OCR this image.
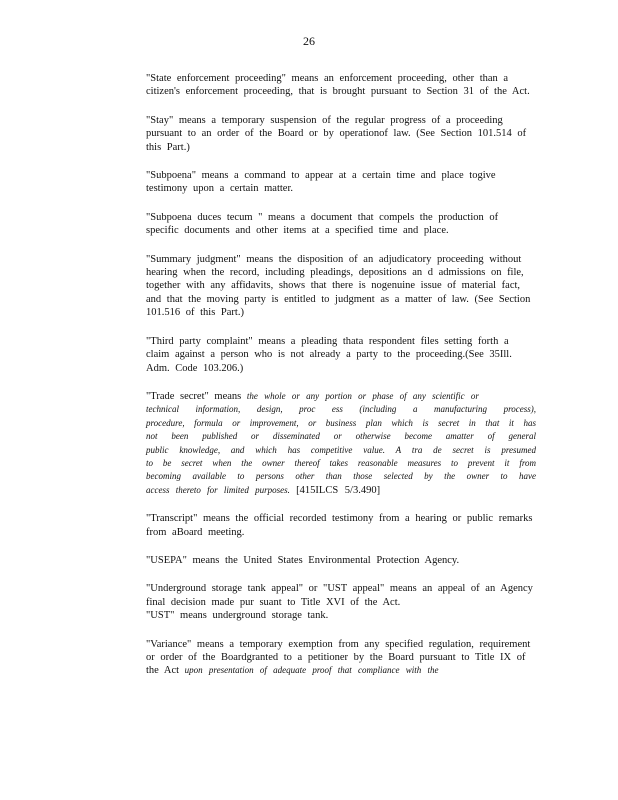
26

"State enforcement proceeding" means an enforcement proceeding, other than a citizen's enforcement proceeding, that is brought pursuant to Section 31 of the Act.

"Stay" means a temporary suspension of the regular progress of a proceeding pursuant to an order of the Board or by operationof law. (See Section 101.514 of this Part.)

"Subpoena" means a command to appear at a certain time and place togive testimony upon a certain matter.

"Subpoena duces tecum " means a document that compels the production of specific documents and other items at a specified time and place.

"Summary judgment" means the disposition of an adjudicatory proceeding without hearing when the record, including pleadings, depositions an d admissions on file, together with any affidavits, shows that there is nogenuine issue of material fact, and that the moving party is entitled to judgment as a matter of law. (See Section 101.516 of this Part.)

"Third party complaint" means a pleading thata respondent files setting forth a claim against a person who is not already a party to the proceeding.(See 35Ill. Adm. Code 103.206.)

"Trade secret" means the whole or any portion or phase of any scientific or
technical information, design, proc ess (including a manufacturing process),
procedure, formula or improvement, or business plan which is secret in that it has
not been published or disseminated or otherwise become amatter of general
public knowledge, and which has competitive value. A tra de secret is presumed
to be secret when the owner thereof takes reasonable measures to prevent it from
becoming available to persons other than those selected by the owner to have
access thereto for limited purposes. [415ILCS 5/3.490]

"Transcript" means the official recorded testimony from a hearing or public remarks from aBoard meeting.

"USEPA" means the United States Environmental Protection Agency.

"Underground storage tank appeal" or "UST appeal" means an appeal of an Agency final decision made pur suant to Title XVI of the Act.

"UST" means underground storage tank.

"Variance" means a temporary exemption from any specified regulation, requirement or order of the Boardgranted to a petitioner by the Board pursuant to Title IX of the Act upon presentation of adequate proof that compliance with the
